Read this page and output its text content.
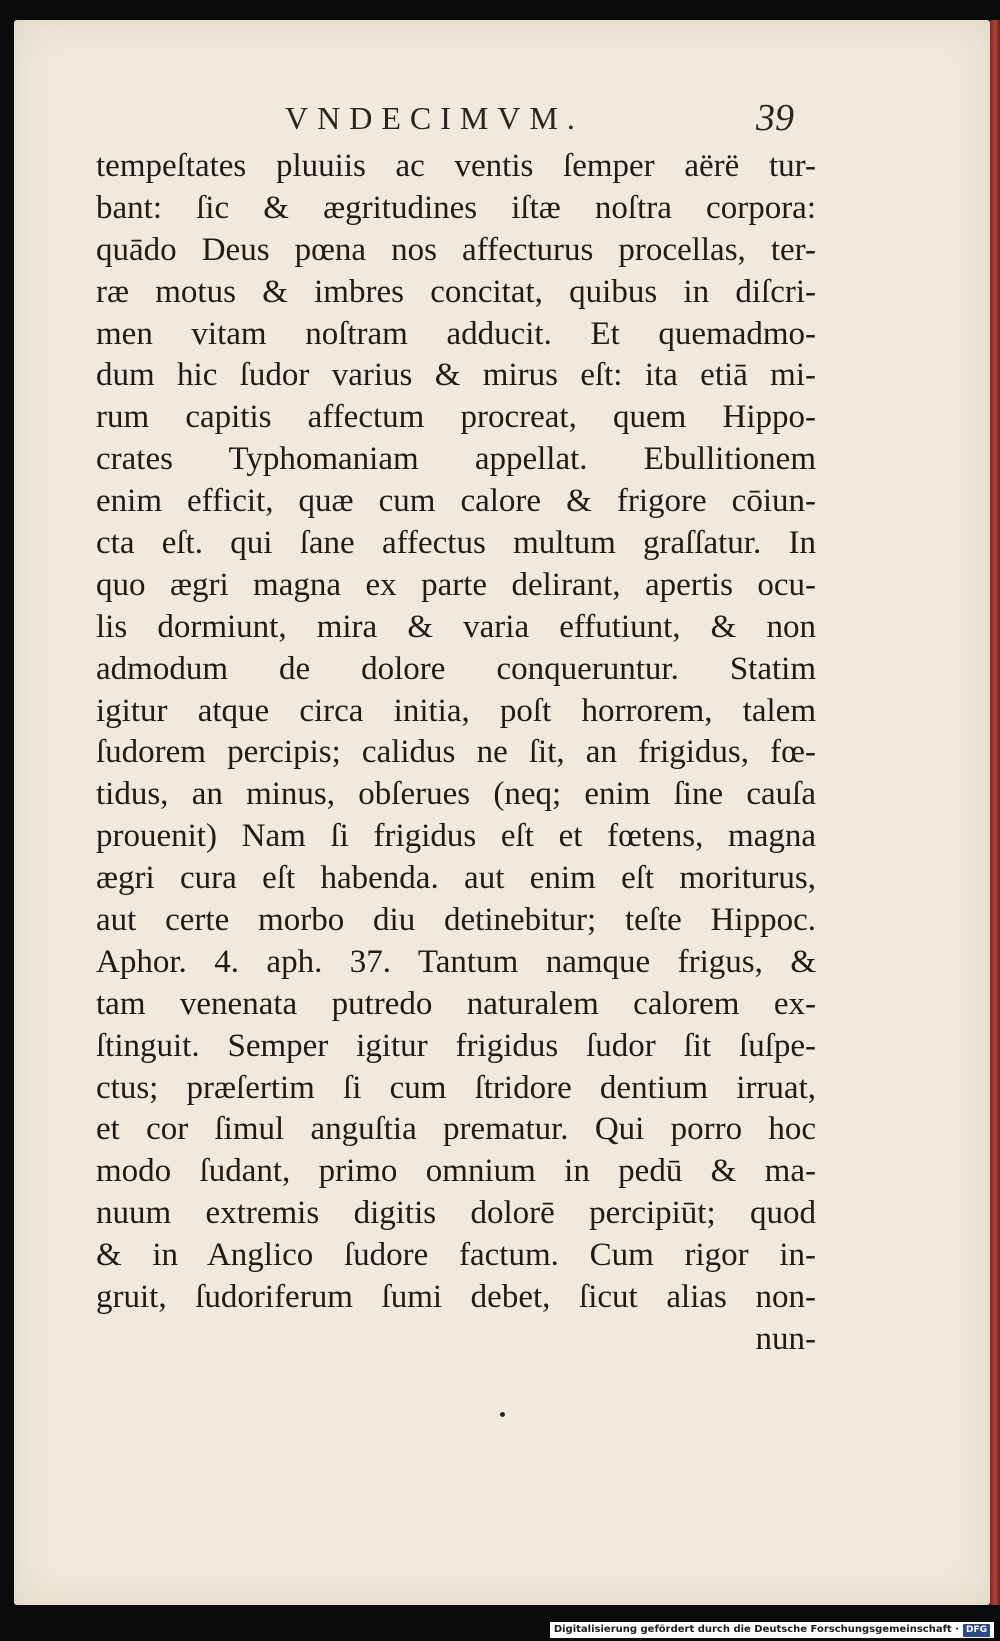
VNDECIMVM.	39
tempeſtates pluuiis ac ventis ſemper aërë tur-
bant: ſic & ægritudines iſtæ noſtra corpora:
quādo Deus pœna nos affecturus procellas, ter-
ræ motus & imbres concitat, quibus in diſcri-
men vitam noſtram adducit. Et quemadmo-
dum hic ſudor varius & mirus eſt: ita etiā mi-
rum capitis affectum procreat, quem Hippo-
crates Typhomaniam appellat. Ebullitionem
enim efficit, quæ cum calore & frigore cōiun-
cta eſt. qui ſane affectus multum graſſatur. In
quo ægri magna ex parte delirant, apertis ocu-
lis dormiunt, mira & varia effutiunt, & non
admodum de dolore conqueruntur. Statim
igitur atque circa initia, poſt horrorem, talem
ſudorem percipis; calidus ne ſit, an frigidus, fœ-
tidus, an minus, obſerues (neq; enim ſine cauſa
prouenit) Nam ſi frigidus eſt et fœtens, magna
ægri cura eſt habenda. aut enim eſt moriturus,
aut certe morbo diu detinebitur; teſte Hippoc.
Aphor. 4. aph. 37. Tantum namque frigus, &
tam venenata putredo naturalem calorem ex-
ſtinguit. Semper igitur frigidus ſudor ſit ſuſpe-
ctus; præſertim ſi cum ſtridore dentium irruat,
et cor ſimul anguſtia prematur. Qui porro hoc
modo ſudant, primo omnium in pedū & ma-
nuum extremis digitis dolorē percipiūt; quod
& in Anglico ſudore factum. Cum rigor in-
gruit, ſudoriferum ſumi debet, ſicut alias non-
nun-
Digitalisierung gefördert durch die Deutsche Forschungsgemeinschaft · DFG
